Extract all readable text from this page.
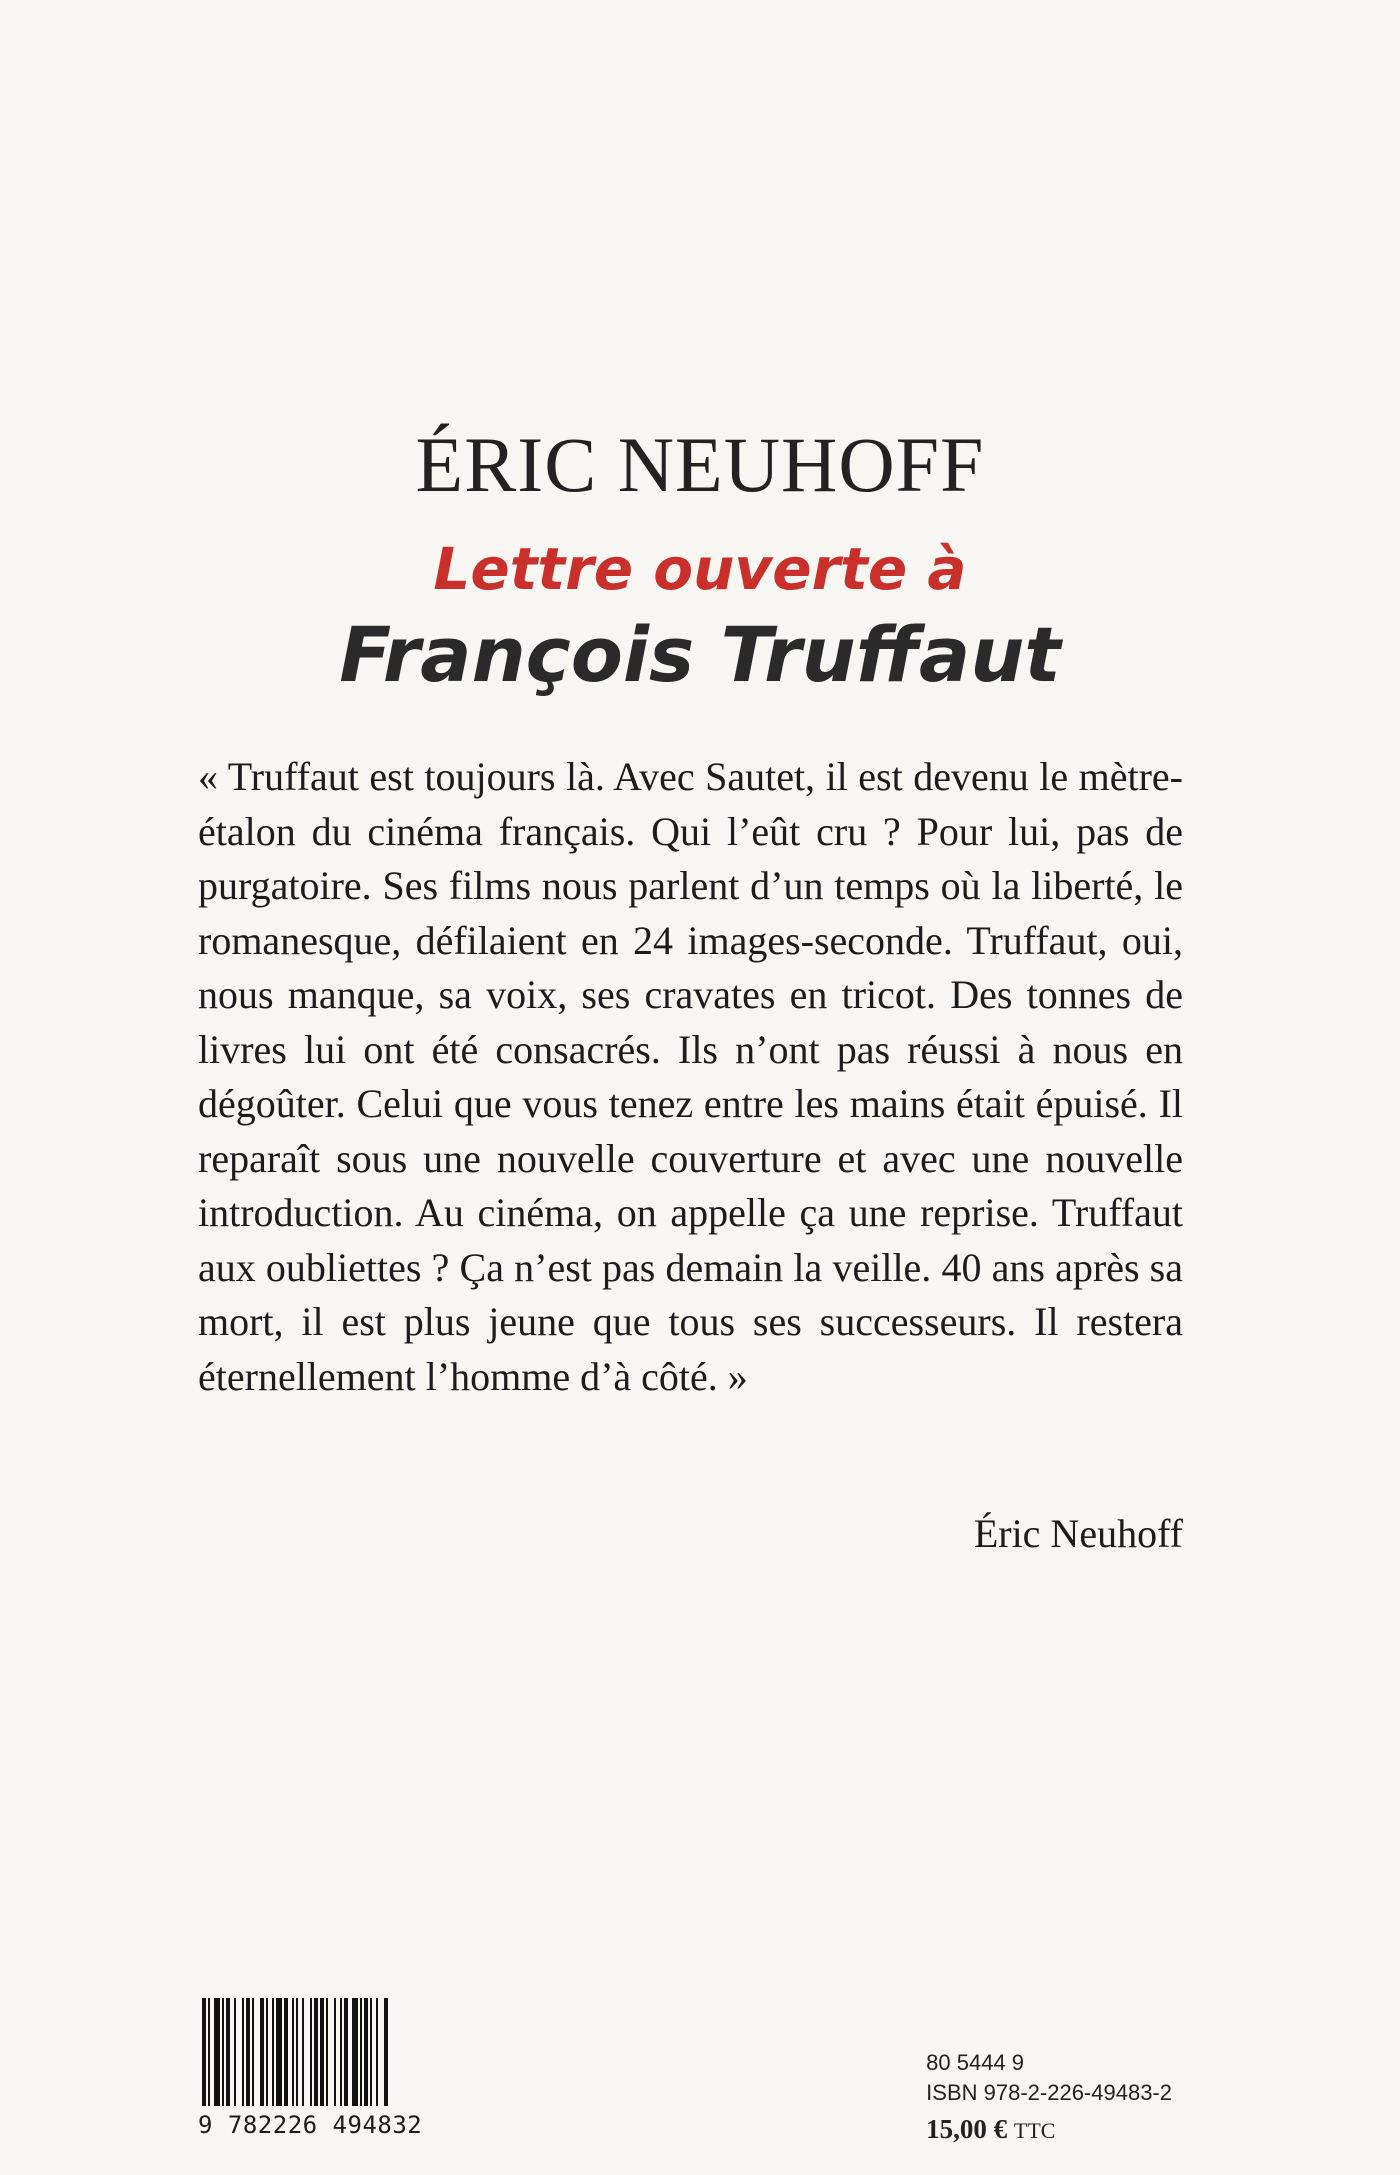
ÉRIC NEUHOFF

Lettre ouverte à

François Truffaut

« Truffaut est toujours là. Avec Sautet, il est devenu le mètre-étalon du cinéma français. Qui l’eût cru ? Pour lui, pas de purgatoire. Ses films nous parlent d’un temps où la liberté, le romanesque, défilaient en 24 images-seconde. Truffaut, oui, nous manque, sa voix, ses cravates en tricot. Des tonnes de livres lui ont été consacrés. Ils n’ont pas réussi à nous en dégoûter. Celui que vous tenez entre les mains était épuisé. Il reparaît sous une nouvelle couverture et avec une nouvelle introduction. Au cinéma, on appelle ça une reprise. Truffaut aux oubliettes ? Ça n’est pas demain la veille. 40 ans après sa mort, il est plus jeune que tous ses successeurs. Il restera éternellement l’homme d’à côté. »

Éric Neuhoff

9 782226 494832
80 5444 9
ISBN 978-2-226-49483-2
15,00 € TTC
